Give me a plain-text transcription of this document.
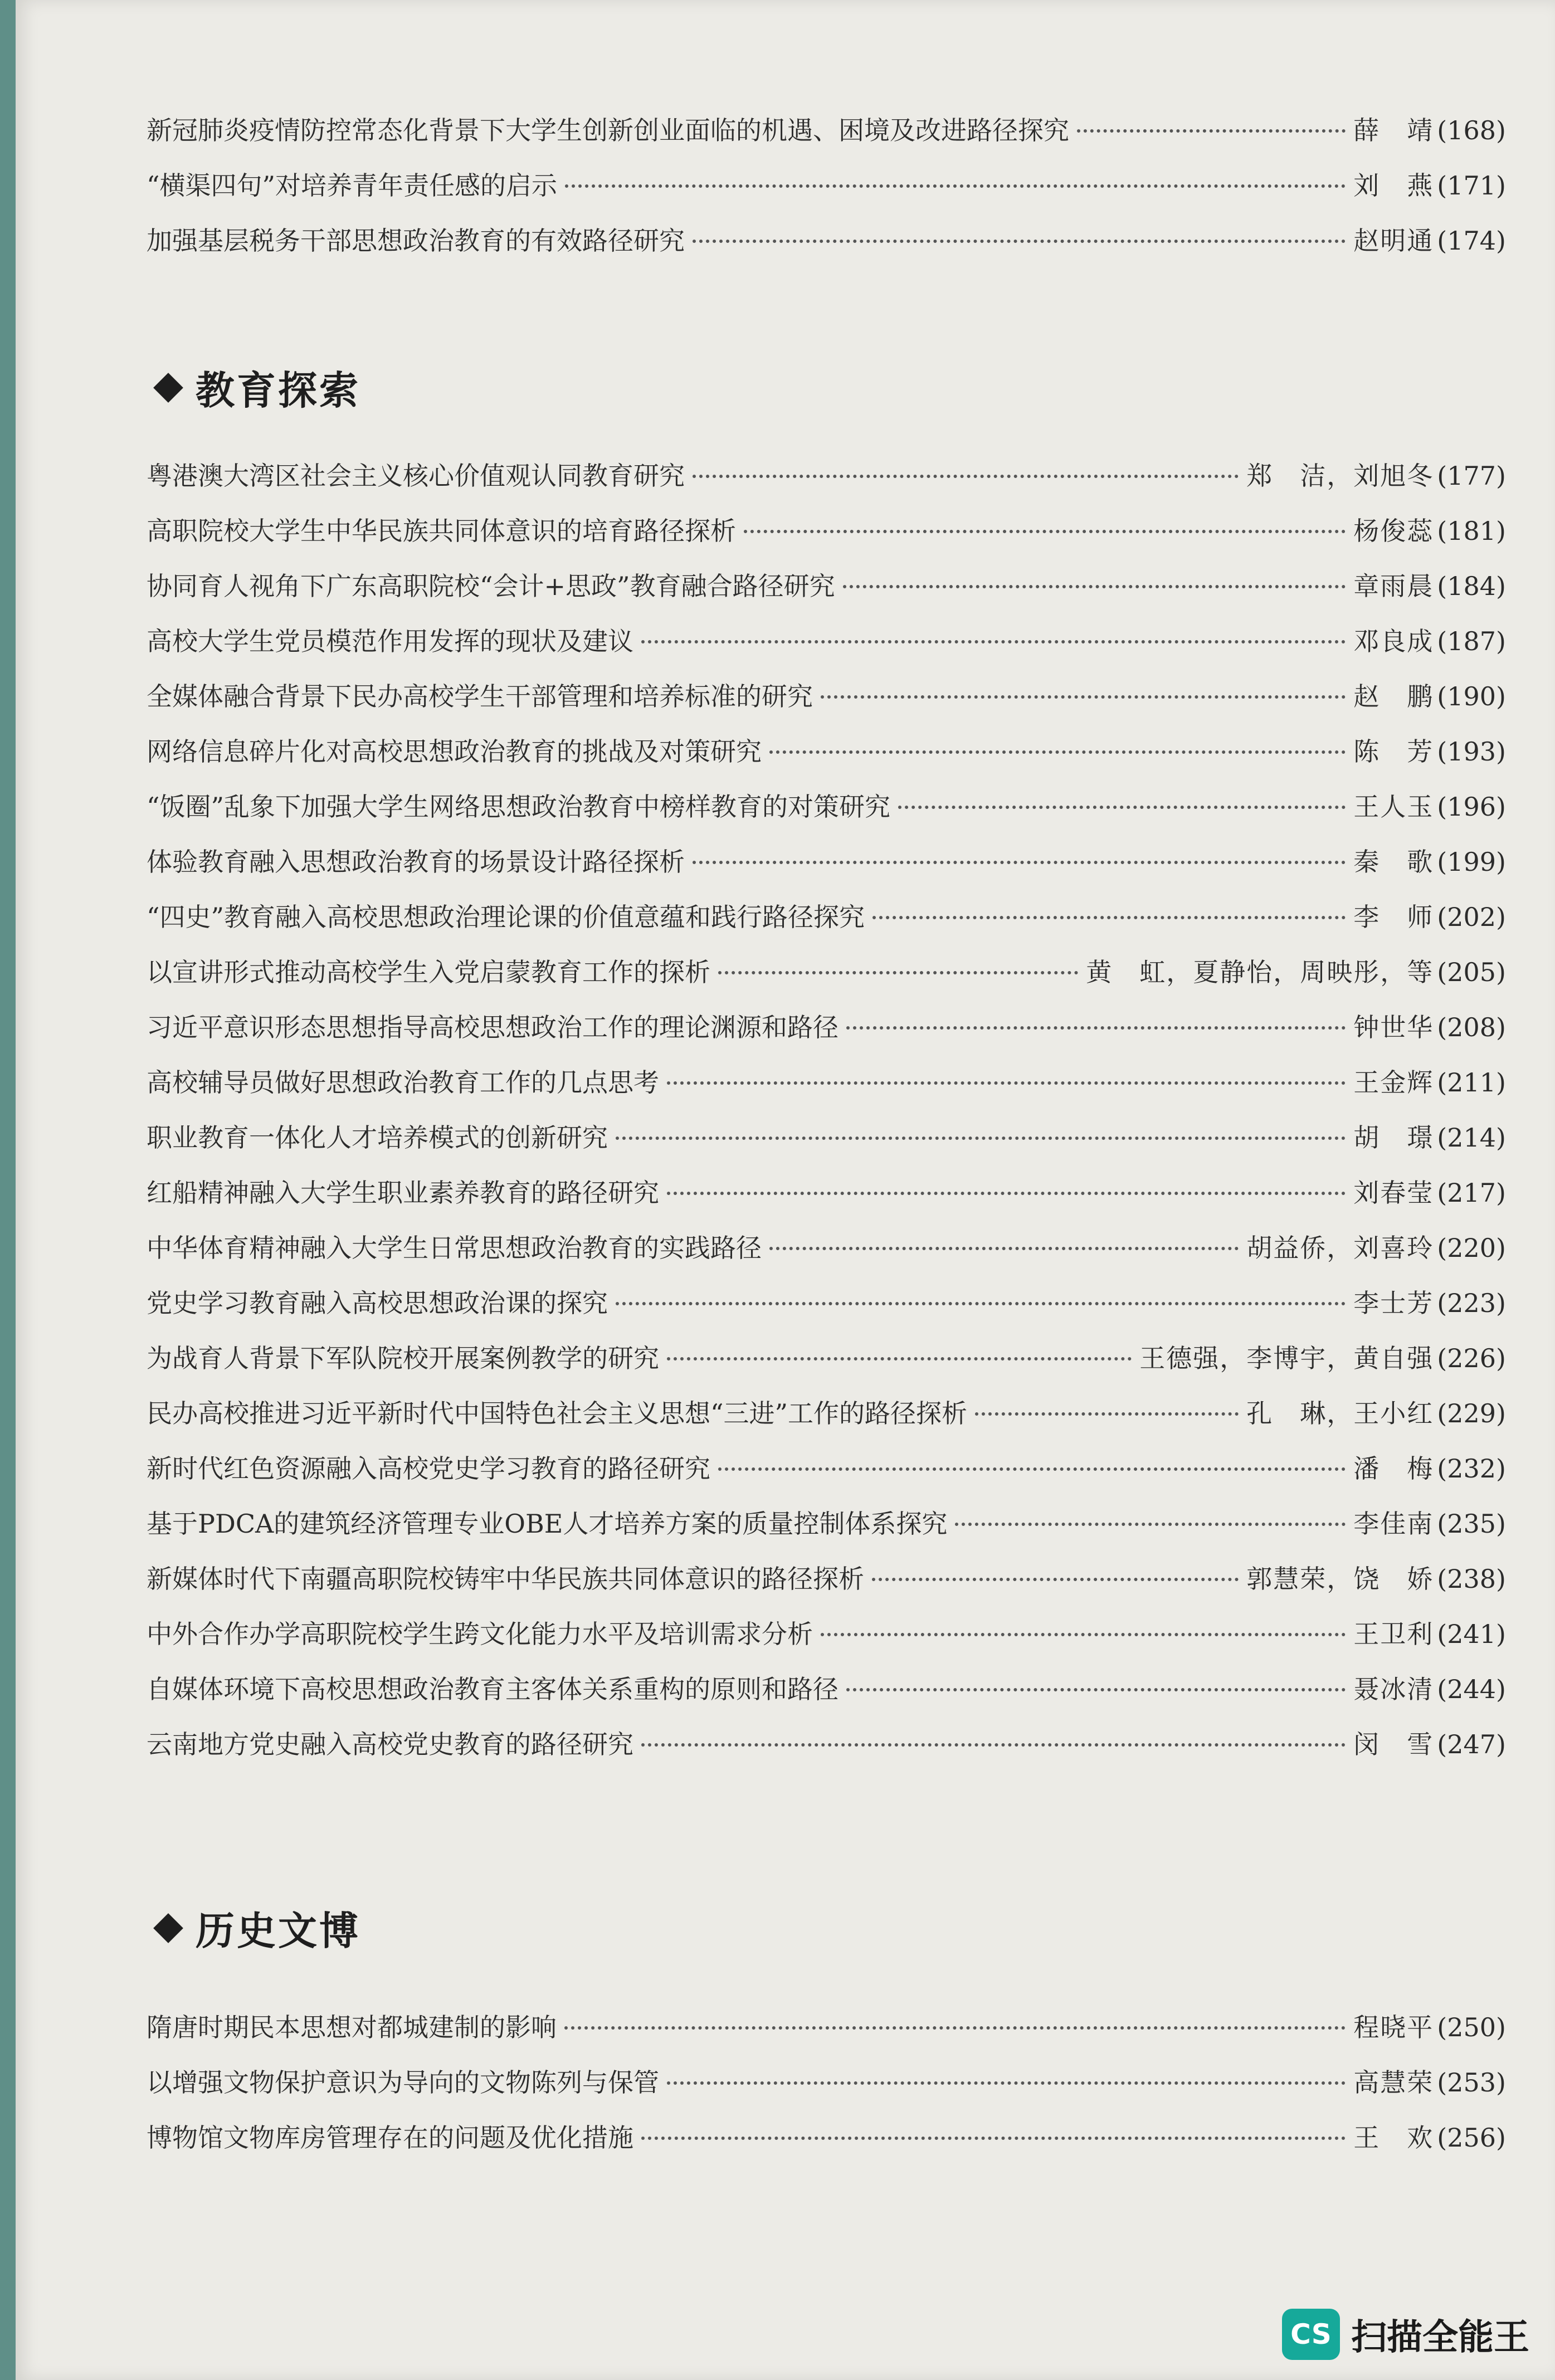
新冠肺炎疫情防控常态化背景下大学生创新创业面临的机遇、困境及改进路径探究	薛　靖 (168)
“横渠四句”对培养青年责任感的启示	刘　燕 (171)
加强基层税务干部思想政治教育的有效路径研究	赵明通 (174)
教育探索
粤港澳大湾区社会主义核心价值观认同教育研究	郑　洁，刘旭冬 (177)
高职院校大学生中华民族共同体意识的培育路径探析	杨俊蕊 (181)
协同育人视角下广东高职院校“会计+思政”教育融合路径研究	章雨晨 (184)
高校大学生党员模范作用发挥的现状及建议	邓良成 (187)
全媒体融合背景下民办高校学生干部管理和培养标准的研究	赵　鹏 (190)
网络信息碎片化对高校思想政治教育的挑战及对策研究	陈　芳 (193)
“饭圈”乱象下加强大学生网络思想政治教育中榜样教育的对策研究	王人玉 (196)
体验教育融入思想政治教育的场景设计路径探析	秦　歌 (199)
“四史”教育融入高校思想政治理论课的价值意蕴和践行路径探究	李　师 (202)
以宣讲形式推动高校学生入党启蒙教育工作的探析	黄　虹，夏静怡，周映彤，等 (205)
习近平意识形态思想指导高校思想政治工作的理论渊源和路径	钟世华 (208)
高校辅导员做好思想政治教育工作的几点思考	王金辉 (211)
职业教育一体化人才培养模式的创新研究	胡　璟 (214)
红船精神融入大学生职业素养教育的路径研究	刘春莹 (217)
中华体育精神融入大学生日常思想政治教育的实践路径	胡益侨，刘喜玲 (220)
党史学习教育融入高校思想政治课的探究	李士芳 (223)
为战育人背景下军队院校开展案例教学的研究	王德强，李博宇，黄自强 (226)
民办高校推进习近平新时代中国特色社会主义思想“三进”工作的路径探析	孔　琳，王小红 (229)
新时代红色资源融入高校党史学习教育的路径研究	潘　梅 (232)
基于PDCA的建筑经济管理专业OBE人才培养方案的质量控制体系探究	李佳南 (235)
新媒体时代下南疆高职院校铸牢中华民族共同体意识的路径探析	郭慧荣，饶　娇 (238)
中外合作办学高职院校学生跨文化能力水平及培训需求分析	王卫利 (241)
自媒体环境下高校思想政治教育主客体关系重构的原则和路径	聂冰清 (244)
云南地方党史融入高校党史教育的路径研究	闵　雪 (247)
历史文博
隋唐时期民本思想对都城建制的影响	程晓平 (250)
以增强文物保护意识为导向的文物陈列与保管	高慧荣 (253)
博物馆文物库房管理存在的问题及优化措施	王　欢 (256)
CS 扫描全能王
